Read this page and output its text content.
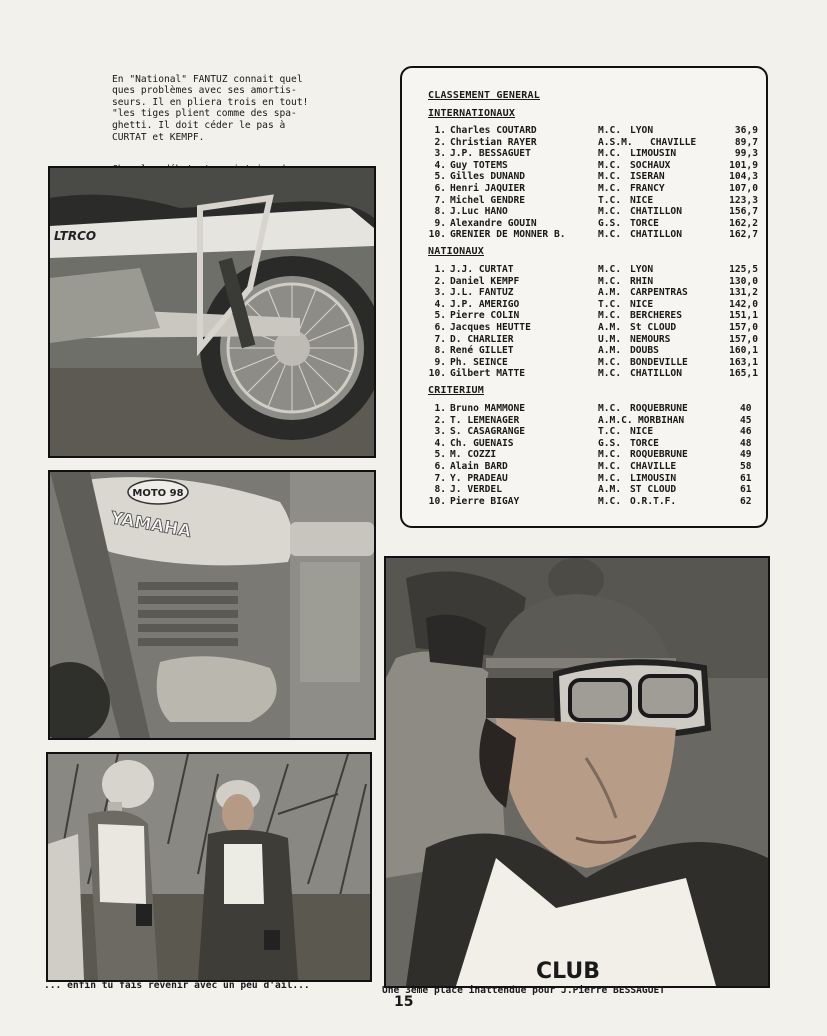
En "National" FANTUZ connait quel
ques problèmes avec ses amortis-
seurs. Il en pliera trois en tout!
"les tiges plient comme des spa-
ghetti. Il doit céder le pas à
CURTAT et KEMPF.

LTRCO
MOTO 98
YAMAHA
CLASSEMENT GENERAL
INTERNATIONAUX
1. Charles COUTARD	M.C. LYON	36,9
2. Christian RAYER	A.S.M. CHAVILLE	89,7
3. J.P. BESSAGUET	M.C. LIMOUSIN	99,3
4. Guy TOTEMS	M.C. SOCHAUX	101,9
5. Gilles DUNAND	M.C. ISERAN	104,3
6. Henri JAQUIER	M.C. FRANCY	107,0
7. Michel GENDRE	T.C. NICE	123,3
8. J.Luc HANO	M.C. CHATILLON	156,7
9. Alexandre GOUIN	G.S. TORCE	162,2
10. GRENIER DE MONNER B.	M.C. CHATILLON	162,7
NATIONAUX
1. J.J. CURTAT	M.C. LYON	125,5
2. Daniel KEMPF	M.C. RHIN	130,0
3. J.L. FANTUZ	A.M. CARPENTRAS	131,2
4. J.P. AMERIGO	T.C. NICE	142,0
5. Pierre COLIN	M.C. BERCHERES	151,1
6. Jacques HEUTTE	A.M. St CLOUD	157,0
7. D. CHARLIER	U.M. NEMOURS	157,0
8. René GILLET	A.M. DOUBS	160,1
9. Ph. SEINCE	M.C. BONDEVILLE	163,1
10. Gilbert MATTE	M.C. CHATILLON	165,1
CRITERIUM
1. Bruno MAMMONE	M.C. ROQUEBRUNE	40
2. T. LEMENAGER	A.M.C. MORBIHAN	45
3. S. CASAGRANGE	T.C. NICE	46
4. Ch. GUENAIS	G.S. TORCE	48
5. M. COZZI	M.C. ROQUEBRUNE	49
6. Alain BARD	M.C. CHAVILLE	58
7. Y. PRADEAU	M.C. LIMOUSIN	61
8. J. VERDEL	A.M. ST CLOUD	61
10. Pierre BIGAY	M.C. O.R.T.F.	62
CLUB
... enfin tu fais revenir avec un peu d'ail...	Une 3ème place inattendue pour J.Pierre BESSAGUET
15
